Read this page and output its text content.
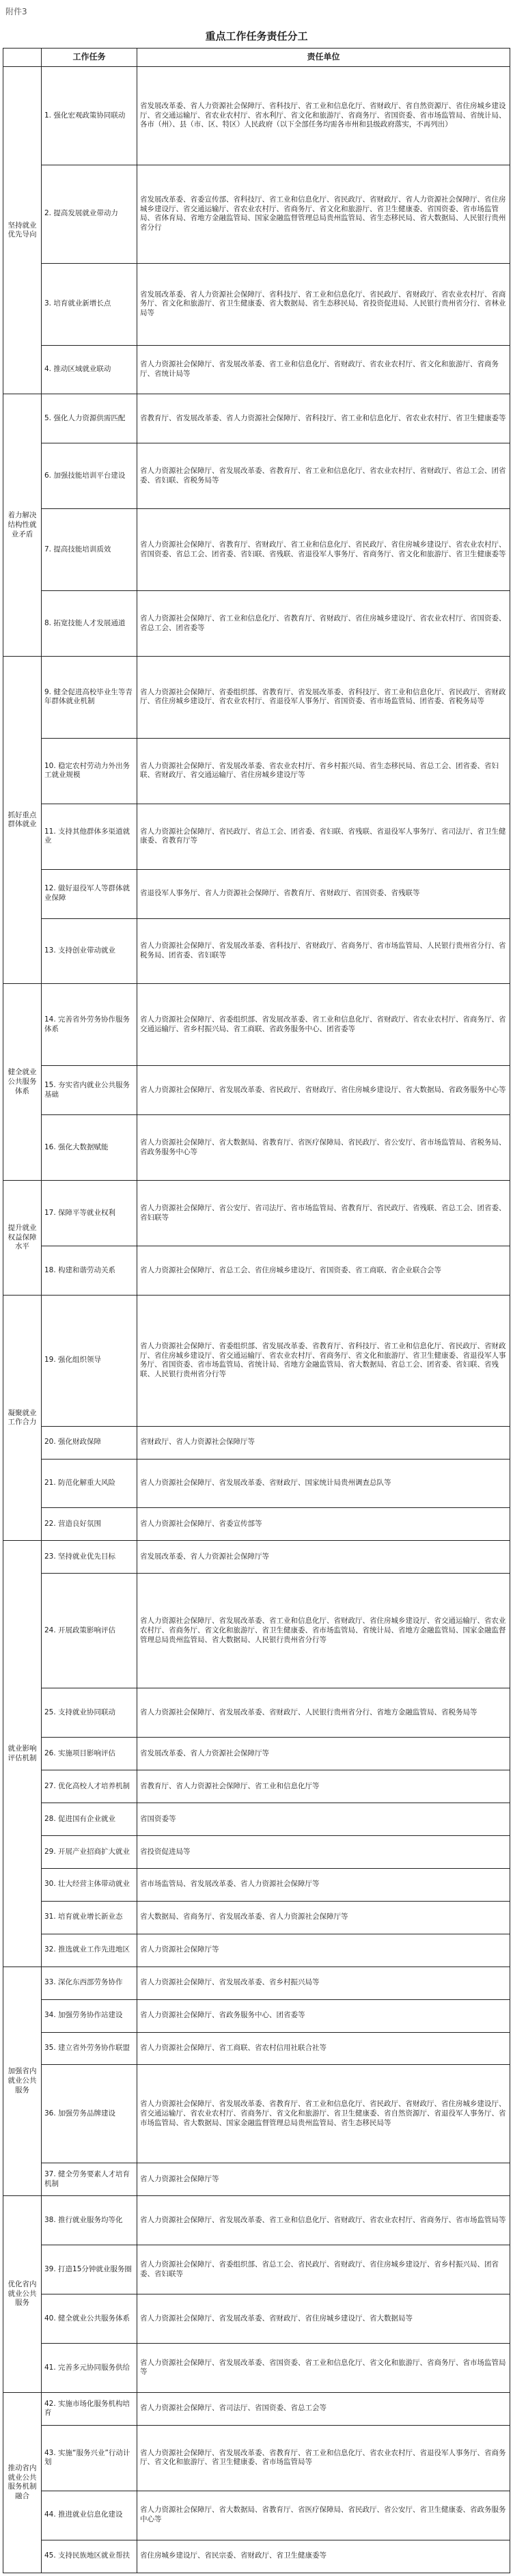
附件3
重点工作任务责任分工
	工作任务	责任单位
坚持就业优先导向	1. 强化宏观政策协同联动	省发展改革委、省人力资源社会保障厅、省科技厅、省工业和信息化厅、省财政厅、省自然资源厅、省住房城乡建设厅、省交通运输厅、省农业农村厅、省水利厅、省文化和旅游厅、省商务厅、省国资委、省市场监管局、省统计局、各市（州）、县（市、区、特区）人民政府（以下全部任务均需各市州和县级政府落实，不再列出）
	2. 提高发展就业带动力	省发展改革委、省委宣传部、省科技厅、省工业和信息化厅、省民政厅、省财政厅、省人力资源社会保障厅、省住房城乡建设厅、省交通运输厅、省农业农村厅、省商务厅、省文化和旅游厅、省卫生健康委、省国资委、省市场监管局、省体育局、省地方金融监管局、国家金融监督管理总局贵州监管局、省生态移民局、省大数据局、人民银行贵州省分行
	3. 培育就业新增长点	省发展改革委、省人力资源社会保障厅、省科技厅、省工业和信息化厅、省民政厅、省财政厅、省农业农村厅、省商务厅、省文化和旅游厅、省卫生健康委、省大数据局、省生态移民局、省投资促进局、人民银行贵州省分行、省林业局等
	4. 推动区域就业联动	省人力资源社会保障厅、省发展改革委、省工业和信息化厅、省财政厅、省农业农村厅、省文化和旅游厅、省商务厅、省统计局等
着力解决结构性就业矛盾	5. 强化人力资源供需匹配	省教育厅、省发展改革委、省人力资源社会保障厅、省科技厅、省工业和信息化厅、省农业农村厅、省卫生健康委等
	6. 加强技能培训平台建设	省人力资源社会保障厅、省发展改革委、省教育厅、省工业和信息化厅、省农业农村厅、省财政厅、省总工会、团省委、省妇联、省税务局等
	7. 提高技能培训质效	省人力资源社会保障厅、省教育厅、省财政厅、省工业和信息化厅、省民政厅、省住房城乡建设厅、省农业农村厅、省国资委、省总工会、团省委、省妇联、省残联、省退役军人事务厅、省商务厅、省文化和旅游厅、省卫生健康委等
	8. 拓宽技能人才发展通道	省人力资源社会保障厅、省工业和信息化厅、省教育厅、省财政厅、省住房城乡建设厅、省农业农村厅、省国资委、省总工会、团省委等
抓好重点群体就业	9. 健全促进高校毕业生等青年群体就业机制	省人力资源社会保障厅、省委组织部、省教育厅、省发展改革委、省科技厅、省工业和信息化厅、省民政厅、省财政厅、省住房城乡建设厅、省农业农村厅、省退役军人事务厅、省国资委、省市场监管局、团省委、省税务局等
	10. 稳定农村劳动力外出务工就业规模	省人力资源社会保障厅、省发展改革委、省农业农村厅、省乡村振兴局、省生态移民局、省总工会、团省委、省妇联、省财政厅、省交通运输厅、省住房城乡建设厅等
	11. 支持其他群体多渠道就业	省人力资源社会保障厅、省民政厅、省总工会、团省委、省妇联、省残联、省退役军人事务厅、省司法厅、省卫生健康委、省教育厅等
	12. 做好退役军人等群体就业保障	省退役军人事务厅、省人力资源社会保障厅、省教育厅、省财政厅、省国资委、省残联等
	13. 支持创业带动就业	省人力资源社会保障厅、省发展改革委、省科技厅、省财政厅、省商务厅、省市场监管局、人民银行贵州省分行、省税务局、团省委、省妇联等
健全就业公共服务体系	14. 完善省外劳务协作服务体系	省人力资源社会保障厅、省委组织部、省发展改革委、省工业和信息化厅、省财政厅、省农业农村厅、省商务厅、省交通运输厅、省乡村振兴局、省工商联、省政务服务中心、团省委等
	15. 夯实省内就业公共服务基础	省人力资源社会保障厅、省发展改革委、省民政厅、省财政厅、省住房城乡建设厅、省大数据局、省政务服务中心等
	16. 强化大数据赋能	省人力资源社会保障厅、省大数据局、省教育厅、省医疗保障局、省民政厅、省公安厅、省市场监管局、省税务局、省政务服务中心等
提升就业权益保障水平	17. 保障平等就业权利	省人力资源社会保障厅、省公安厅、省司法厅、省市场监管局、省教育厅、省民政厅、省残联、省总工会、团省委、省妇联等
	18. 构建和谐劳动关系	省人力资源社会保障厅、省总工会、省住房城乡建设厅、省国资委、省工商联、省企业联合会等
凝聚就业工作合力	19. 强化组织领导	省人力资源社会保障厅、省委组织部、省发展改革委、省教育厅、省科技厅、省工业和信息化厅、省民政厅、省财政厅、省住房城乡建设厅、省交通运输厅、省农业农村厅、省商务厅、省文化和旅游厅、省卫生健康委、省退役军人事务厅、省国资委、省市场监管局、省统计局、省地方金融监管局、省大数据局、省总工会、团省委、省妇联、省残联、人民银行贵州省分行等
	20. 强化财政保障	省财政厅、省人力资源社会保障厅等
	21. 防范化解重大风险	省人力资源社会保障厅、省发展改革委、省财政厅、国家统计局贵州调查总队等
	22. 营造良好氛围	省人力资源社会保障厅、省委宣传部等
就业影响评估机制	23. 坚持就业优先目标	省发展改革委、省人力资源社会保障厅等
	24. 开展政策影响评估	省人力资源社会保障厅、省发展改革委、省工业和信息化厅、省财政厅、省住房城乡建设厅、省交通运输厅、省农业农村厅、省商务厅、省文化和旅游厅、省卫生健康委、省市场监管局、省统计局、省地方金融监管局、国家金融监督管理总局贵州监管局、省大数据局、人民银行贵州省分行等
	25. 支持就业协同联动	省人力资源社会保障厅、省发展改革委、省财政厅、人民银行贵州省分行、省地方金融监管局、省税务局等
	26. 实施项目影响评估	省发展改革委、省人力资源社会保障厅等
	27. 优化高校人才培养机制	省教育厅、省人力资源社会保障厅、省工业和信息化厅等
	28. 促进国有企业就业	省国资委等
	29. 开展产业招商扩大就业	省投资促进局等
	30. 壮大经营主体带动就业	省市场监管局、省发展改革委、省人力资源社会保障厅等
	31. 培育就业增长新业态	省大数据局、省商务厅、省发展改革委、省人力资源社会保障厅等
	32. 推选就业工作先进地区	省人力资源社会保障厅等
加强省内就业公共服务	33. 深化东西部劳务协作	省人力资源社会保障厅、省发展改革委、省乡村振兴局等
	34. 加强劳务协作站建设	省人力资源社会保障厅、省政务服务中心、团省委等
	35. 建立省外劳务协作联盟	省人力资源社会保障厅、省工商联、省农村信用社联合社等
	36. 加强劳务品牌建设	省人力资源社会保障厅、省发展改革委、省教育厅、省工业和信息化厅、省民政厅、省财政厅、省住房城乡建设厅、省交通运输厅、省农业农村厅、省商务厅、省文化和旅游厅、省卫生健康委、省自然资源厅、省退役军人事务厅、省市场监管局、省大数据局、国家金融监督管理总局贵州监管局、省生态移民局等
	37. 健全劳务要素人才培育机制	省人力资源社会保障厅等
优化省内就业公共服务	38. 推行就业服务均等化	省人力资源社会保障厅、省发展改革委、省工业和信息化厅、省财政厅、省农业农村厅、省商务厅、省市场监管局等
	39. 打造15分钟就业服务圈	省人力资源社会保障厅、省委组织部、省总工会、省民政厅、省财政厅、省住房城乡建设厅、省乡村振兴局、团省委、省妇联等
	40. 健全就业公共服务体系	省人力资源社会保障厅、省发展改革委、省财政厅、省住房城乡建设厅、省大数据局等
	41. 完善多元协同服务供给	省人力资源社会保障厅、省发展改革委、省国资委、省工业和信息化厅、省文化和旅游厅、省商务厅、省市场监管局等
推动省内就业公共服务机制融合	42. 实施市场化服务机构培育	省人力资源社会保障厅、省司法厅、省国资委、省总工会等
	43. 实施“服务兴业”行动计划	省人力资源社会保障厅、省发展改革委、省教育厅、省工业和信息化厅、省农业农村厅、省退役军人事务厅、省商务厅、省文化和旅游厅、省卫生健康委、省市场监管局等
	44. 推进就业信息化建设	省人力资源社会保障厅、省大数据局、省教育厅、省医疗保障局、省民政厅、省公安厅、省卫生健康委、省政务服务中心等
	45. 支持民族地区就业帮扶	省住房城乡建设厅、省民宗委、省财政厅、省卫生健康委等
